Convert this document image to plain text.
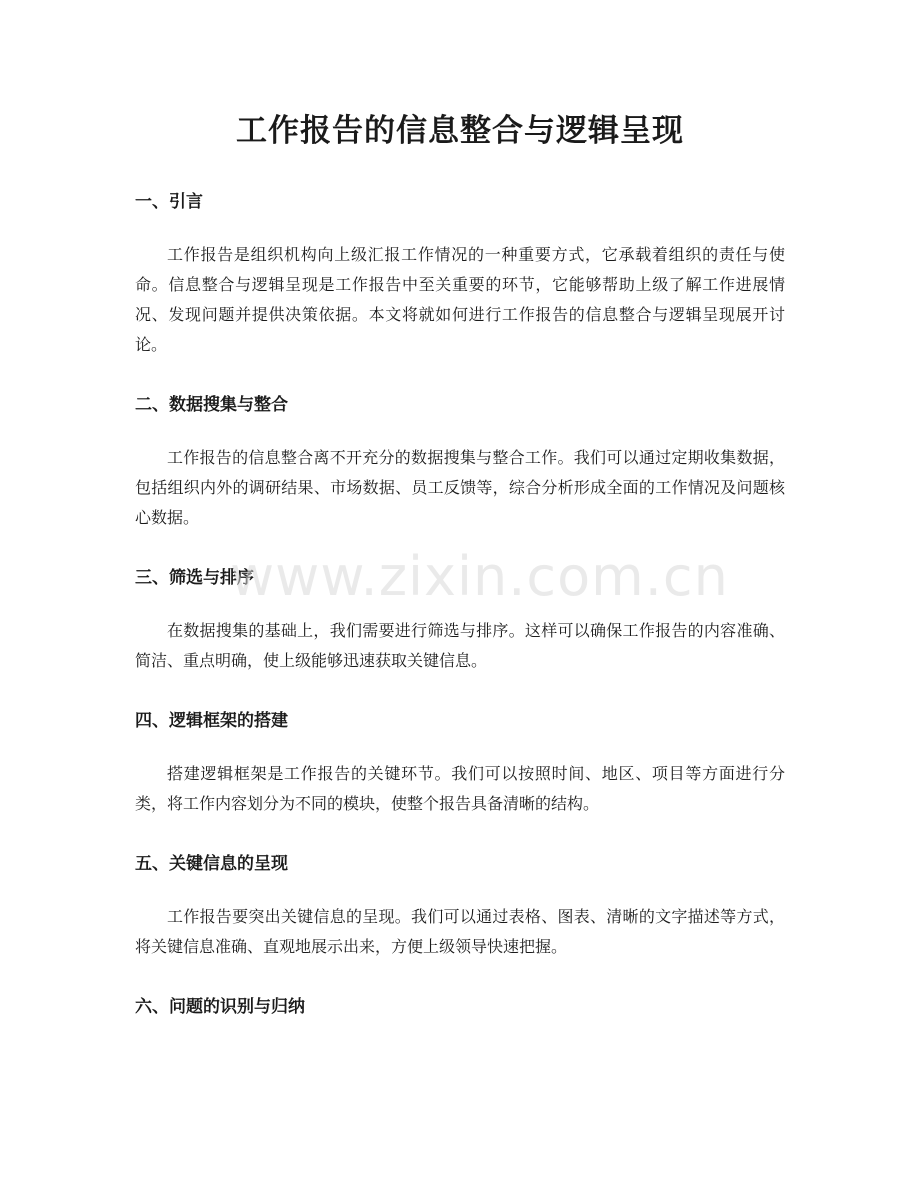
工作报告的信息整合与逻辑呈现
一、引言

工作报告是组织机构向上级汇报工作情况的一种重要方式，它承载着组织的责任与使命。信息整合与逻辑呈现是工作报告中至关重要的环节，它能够帮助上级了解工作进展情况、发现问题并提供决策依据。本文将就如何进行工作报告的信息整合与逻辑呈现展开讨论。

二、数据搜集与整合

工作报告的信息整合离不开充分的数据搜集与整合工作。我们可以通过定期收集数据，包括组织内外的调研结果、市场数据、员工反馈等，综合分析形成全面的工作情况及问题核心数据。

三、筛选与排序

在数据搜集的基础上，我们需要进行筛选与排序。这样可以确保工作报告的内容准确、简洁、重点明确，使上级能够迅速获取关键信息。

四、逻辑框架的搭建

搭建逻辑框架是工作报告的关键环节。我们可以按照时间、地区、项目等方面进行分类，将工作内容划分为不同的模块，使整个报告具备清晰的结构。

五、关键信息的呈现

工作报告要突出关键信息的呈现。我们可以通过表格、图表、清晰的文字描述等方式，将关键信息准确、直观地展示出来，方便上级领导快速把握。

六、问题的识别与归纳
www.zixin.com.cn
